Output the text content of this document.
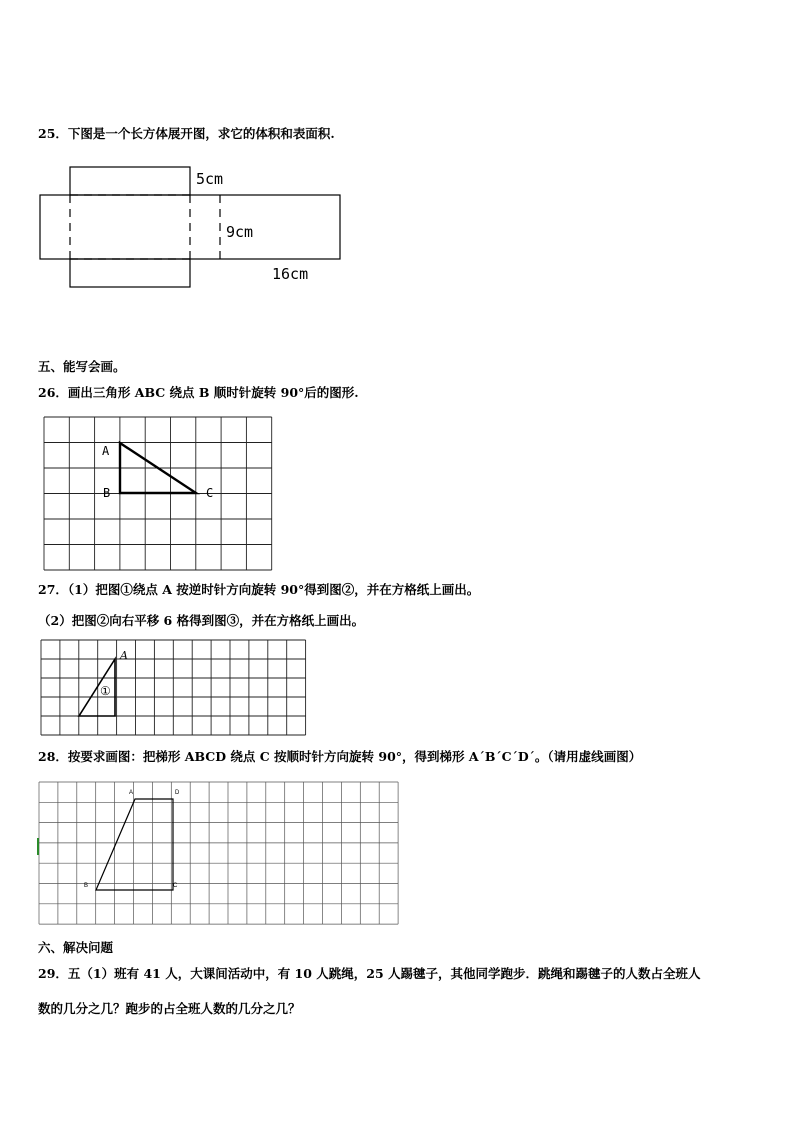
25．下图是一个长方体展开图，求它的体积和表面积.
5cm
9cm
16cm
五、能写会画。
26．画出三角形 ABC 绕点 B 顺时针旋转 90°后的图形.
A
B	C
27．（1）把图①绕点 A 按逆时针方向旋转 90°得到图②，并在方格纸上画出。
（2）把图②向右平移 6 格得到图③，并在方格纸上画出。
A
①
28．按要求画图：把梯形 ABCD 绕点 C 按顺时针方向旋转 90°，得到梯形 A´B´C´D´。（请用虚线画图）
A	D
B	C
六、解决问题
29．五（1）班有 41 人，大课间活动中，有 10 人跳绳，25 人踢毽子，其他同学跑步．跳绳和踢毽子的人数占全班人
数的几分之几？跑步的占全班人数的几分之几？
